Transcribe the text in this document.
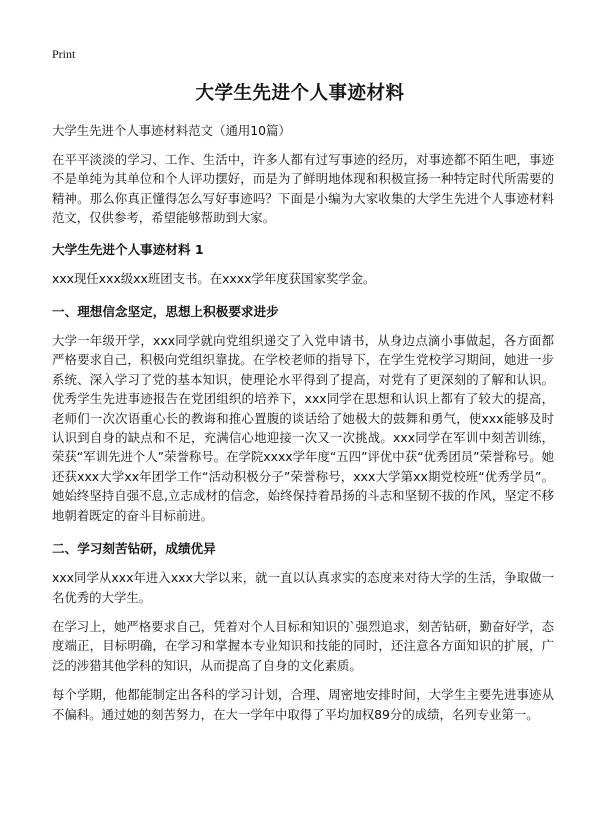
Print
大学生先进个人事迹材料

大学生先进个人事迹材料范文（通用10篇）

在平平淡淡的学习、工作、生活中，许多人都有过写事迹的经历，对事迹都不陌生吧，事迹不是单纯为其单位和个人评功摆好，而是为了鲜明地体现和积极宣扬一种特定时代所需要的精神。那么你真正懂得怎么写好事迹吗？下面是小编为大家收集的大学生先进个人事迹材料范文，仅供参考，希望能够帮助到大家。

大学生先进个人事迹材料 1

xxx现任xxx级xx班团支书。在xxxx学年度获国家奖学金。

一、理想信念坚定，思想上积极要求进步

大学一年级开学，xxx同学就向党组织递交了入党申请书，从身边点滴小事做起，各方面都严格要求自己，积极向党组织靠拢。在学校老师的指导下，在学生党校学习期间，她进一步系统、深入学习了党的基本知识，使理论水平得到了提高，对党有了更深刻的了解和认识。优秀学生先进事迹报告在党团组织的培养下，xxx同学在思想和认识上都有了较大的提高，老师们一次次语重心长的教诲和推心置腹的谈话给了她极大的鼓舞和勇气，使xxx能够及时认识到自身的缺点和不足，充满信心地迎接一次又一次挑战。xxx同学在军训中刻苦训练，荣获“军训先进个人”荣誉称号。在学院xxxx学年度“五四”评优中获“优秀团员”荣誉称号。她还获xxx大学xx年团学工作“活动积极分子”荣誉称号，xxx大学第xx期党校班“优秀学员”。她始终坚持自强不息,立志成材的信念，始终保持着昂扬的斗志和坚韧不拔的作风，坚定不移地朝着既定的奋斗目标前进。

二、学习刻苦钻研，成绩优异

xxx同学从xxx年进入xxx大学以来，就一直以认真求实的态度来对待大学的生活，争取做一名优秀的大学生。

在学习上，她严格要求自己，凭着对个人目标和知识的`强烈追求，刻苦钻研，勤奋好学，态度端正，目标明确，在学习和掌握本专业知识和技能的同时，还注意各方面知识的扩展，广泛的涉猎其他学科的知识，从而提高了自身的文化素质。

每个学期，他都能制定出各科的学习计划，合理、周密地安排时间，大学生主要先进事迹从不偏科。通过她的刻苦努力，在大一学年中取得了平均加权89分的成绩，名列专业第一。
